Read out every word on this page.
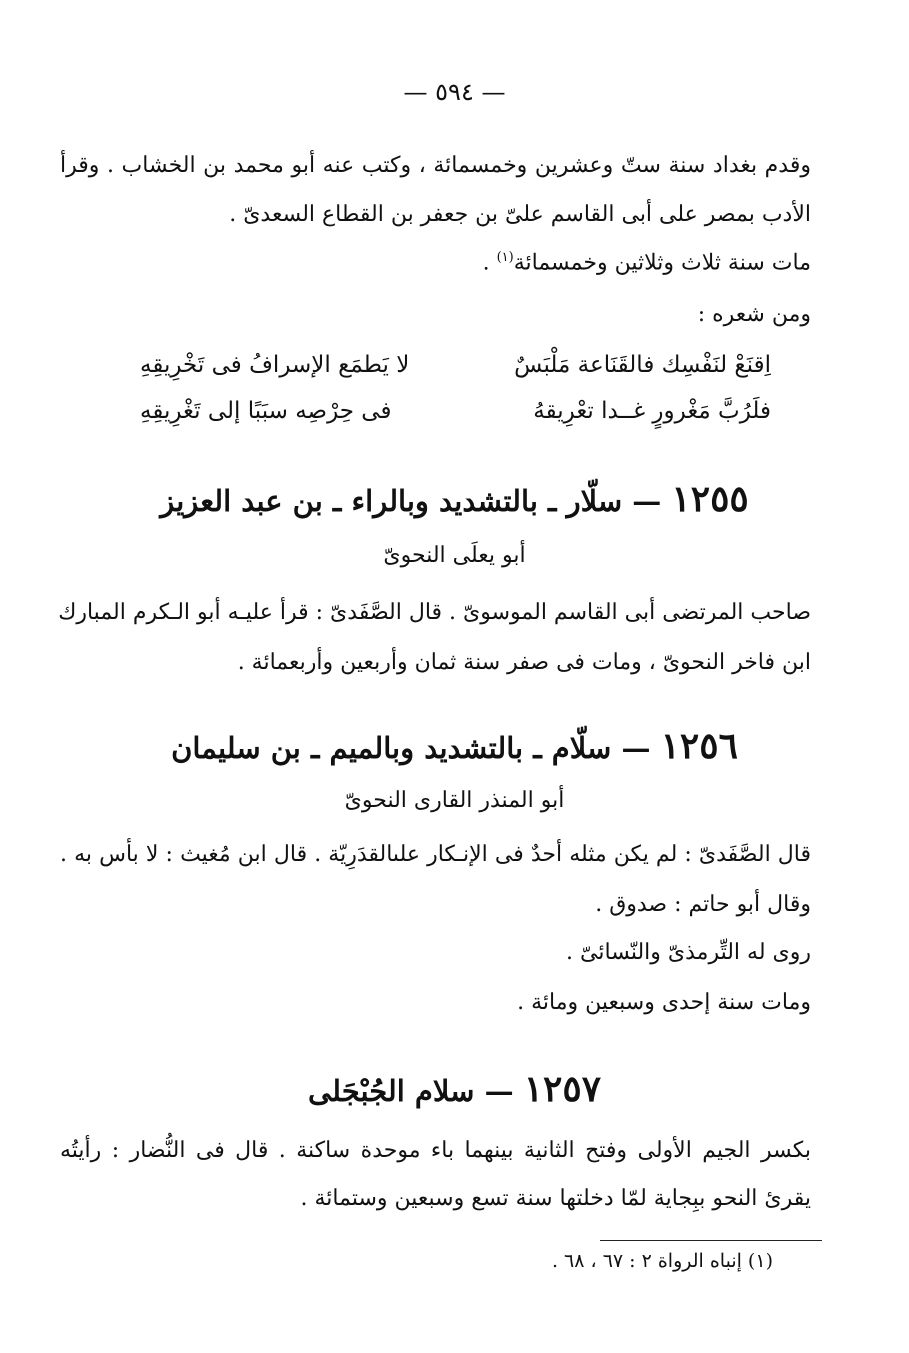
— ٥٩٤ —
وقدم بغداد سنة ستّ وعشرين وخمسمائة ، وكتب عنه أبو محمد بن الخشاب . وقرأ
الأدب بمصر على أبى القاسم علىّ بن جعفر بن القطاع السعدىّ .
مات سنة ثلاث وثلاثين وخمسمائة$^{(١)}$ .
ومن شعره :
اِقنَعْ لنَفْسِك فالقَنَاعة مَلْبَسٌ
لا يَطمَع الإسرافُ فى تَخْرِيقِهِ
فلَرُبَّ مَغْرورٍ غــدا تعْرِيقهُ
فى حِرْصِه سبَبًا إلى تَغْرِيقِهِ
١٢٥٥ — سلّار ـ بالتشديد وبالراء ـ بن عبد العزيز
أبو يعلَى النحوىّ
صاحب المرتضى أبى القاسم الموسوىّ . قال الصَّفَدىّ : قرأ عليـه أبو الـكرم المبارك
ابن فاخر النحوىّ ، ومات فى صفر سنة ثمان وأربعين وأربعمائة .
١٢٥٦ — سلّام ـ بالتشديد وبالميم ـ بن سليمان
أبو المنذر القارى النحوىّ
قال الصَّفَدىّ : لم يكن مثله أحدٌ فى الإنـكار علىالقدَرِيّة . قال ابن مُغيث : لا بأس به .
وقال أبو حاتم : صدوق .
روى له التِّرمذىّ والنّسائىّ .
ومات سنة إحدى وسبعين ومائة .
١٢٥٧ — سلام الجُبْجَلى
بكسر الجيم الأولى وفتح الثانية بينهما باء موحدة ساكنة . قال فى النُّضار : رأيتُه
يقرئ النحو ببِجاية لمّا دخلتها سنة تسع وسبعين وستمائة .
(١) إنباه الرواة ٢ : ٦٧ ، ٦٨ .
